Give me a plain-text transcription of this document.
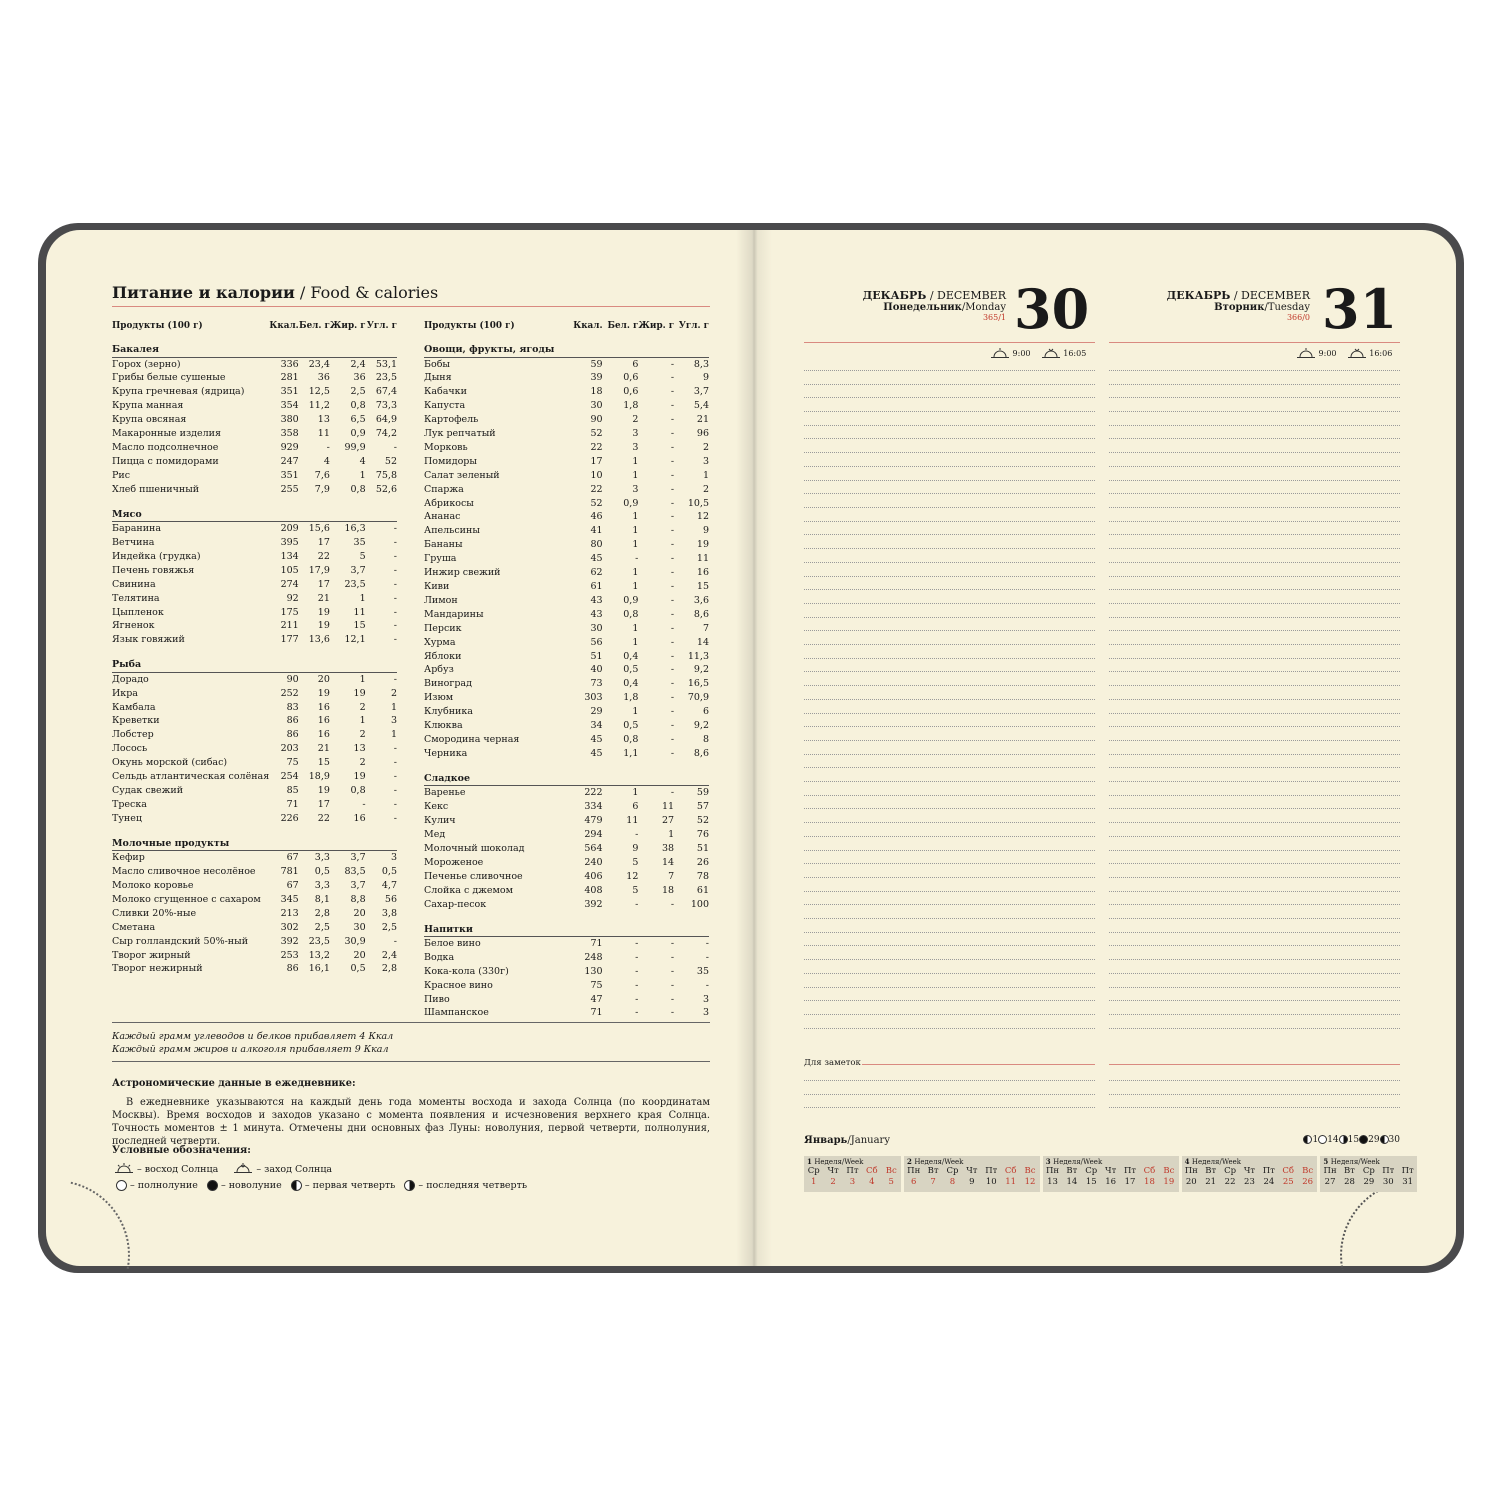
Питание и калории / Food & calories
Продукты (100 г)	Ккал.	Бел. г	Жир. г	Угл. г
Бакалея				
Горох (зерно)	336	23,4	2,4	53,1
Грибы белые сушеные	281	36	36	23,5
Крупа гречневая (ядрица)	351	12,5	2,5	67,4
Крупа манная	354	11,2	0,8	73,3
Крупа овсяная	380	13	6,5	64,9
Макаронные изделия	358	11	0,9	74,2
Масло подсолнечное	929	-	99,9	-
Пицца с помидорами	247	4	4	52
Рис	351	7,6	1	75,8
Хлеб пшеничный	255	7,9	0,8	52,6

Мясо				
Баранина	209	15,6	16,3	-
Ветчина	395	17	35	-
Индейка (грудка)	134	22	5	-
Печень говяжья	105	17,9	3,7	-
Свинина	274	17	23,5	-
Телятина	92	21	1	-
Цыпленок	175	19	11	-
Ягненок	211	19	15	-
Язык говяжий	177	13,6	12,1	-

Рыба				
Дорадо	90	20	1	-
Икра	252	19	19	2
Камбала	83	16	2	1
Креветки	86	16	1	3
Лобстер	86	16	2	1
Лосось	203	21	13	-
Окунь морской (сибас)	75	15	2	-
Сельдь атлантическая солёная	254	18,9	19	-
Судак свежий	85	19	0,8	-
Треска	71	17	-	-
Тунец	226	22	16	-

Молочные продукты				
Кефир	67	3,3	3,7	3
Масло сливочное несолёное	781	0,5	83,5	0,5
Молоко коровье	67	3,3	3,7	4,7
Молоко сгущенное с сахаром	345	8,1	8,8	56
Сливки 20%-ные	213	2,8	20	3,8
Сметана	302	2,5	30	2,5
Сыр голландский 50%-ный	392	23,5	30,9	-
Творог жирный	253	13,2	20	2,4
Творог нежирный	86	16,1	0,5	2,8
Продукты (100 г)	Ккал.	Бел. г	Жир. г	Угл. г
Овощи, фрукты, ягоды				
Бобы	59	6	-	8,3
Дыня	39	0,6	-	9
Кабачки	18	0,6	-	3,7
Капуста	30	1,8	-	5,4
Картофель	90	2	-	21
Лук репчатый	52	3	-	96
Морковь	22	3	-	2
Помидоры	17	1	-	3
Салат зеленый	10	1	-	1
Спаржа	22	3	-	2
Абрикосы	52	0,9	-	10,5
Ананас	46	1	-	12
Апельсины	41	1	-	9
Бананы	80	1	-	19
Груша	45	-	-	11
Инжир свежий	62	1	-	16
Киви	61	1	-	15
Лимон	43	0,9	-	3,6
Мандарины	43	0,8	-	8,6
Персик	30	1	-	7
Хурма	56	1	-	14
Яблоки	51	0,4	-	11,3
Арбуз	40	0,5	-	9,2
Виноград	73	0,4	-	16,5
Изюм	303	1,8	-	70,9
Клубника	29	1	-	6
Клюква	34	0,5	-	9,2
Смородина черная	45	0,8	-	8
Черника	45	1,1	-	8,6

Сладкое				
Варенье	222	1	-	59
Кекс	334	6	11	57
Кулич	479	11	27	52
Мед	294	-	1	76
Молочный шоколад	564	9	38	51
Мороженое	240	5	14	26
Печенье сливочное	406	12	7	78
Слойка с джемом	408	5	18	61
Сахар-песок	392	-	-	100

Напитки				
Белое вино	71	-	-	-
Водка	248	-	-	-
Кока-кола (330г)	130	-	-	35
Красное вино	75	-	-	-
Пиво	47	-	-	3
Шампанское	71	-	-	3
Каждый грамм углеводов и белков прибавляет 4 Ккал
Каждый грамм жиров и алкоголя прибавляет 9 Ккал
Астрономические данные в ежедневнике:
В ежедневнике указываются на каждый день года моменты восхода и захода Солнца (по координатам Москвы). Время восходов и заходов указано с момента появления и исчезновения верхнего края Солнца. Точность моментов ± 1 минута. Отмечены дни основных фаз Луны: новолуния, первой четверти, полнолуния, последней четверти.
Условные обозначения:
– восход Солнца	– заход Солнца
– полнолуние – новолуние – первая четверть – последняя четверть
ДЕКАБРЬ / DECEMBER
Понедельник/Monday
365/1 30	ДЕКАБРЬ / DECEMBER
Вторник/Tuesday
366/0 31
9:00	16:05	9:00	16:06
Для заметок
Январь/January	1 14 15 29 30
1 Неделя/Week
Ср Чт Пт Сб Вс
1	2	3	4	5
2 Неделя/Week
Пн Вт Ср Чт Пт Сб Вс
6	7	8	9	10	11	12
3 Неделя/Week
Пн Вт Ср Чт Пт Сб Вс
13	14	15	16	17	18	19
4 Неделя/Week
Пн Вт Ср Чт Пт Сб Вс
20	21	22	23	24	25	26
5 Неделя/Week
Пн Вт Ср Пт Пт
27	28	29	30	31
